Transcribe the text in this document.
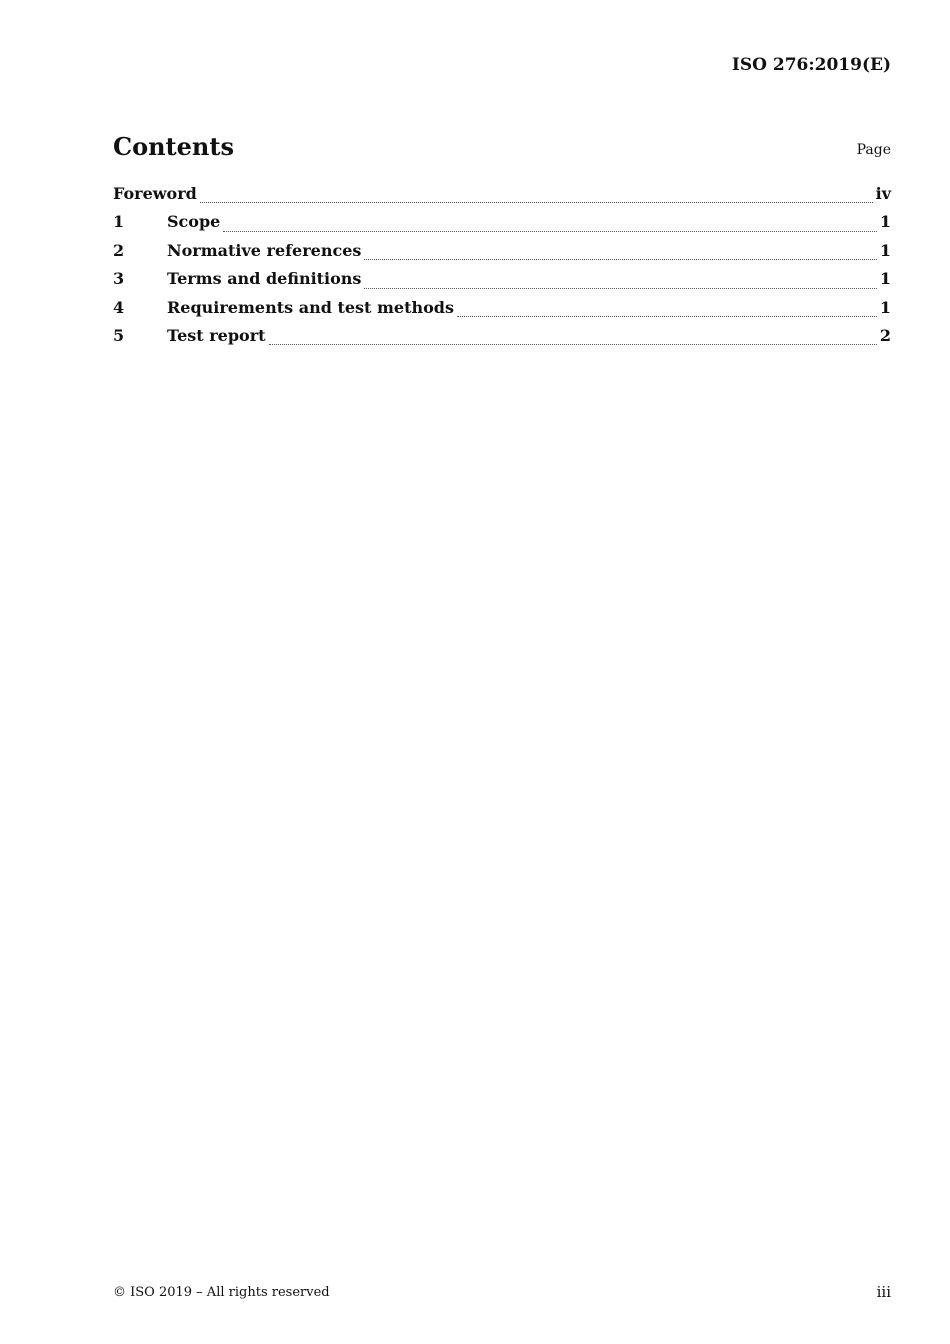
ISO 276:2019(E)
Contents	Page
Foreword	iv
1	Scope	1
2	Normative references	1
3	Terms and definitions	1
4	Requirements and test methods	1
5	Test report	2
© ISO 2019 – All rights reserved	iii
